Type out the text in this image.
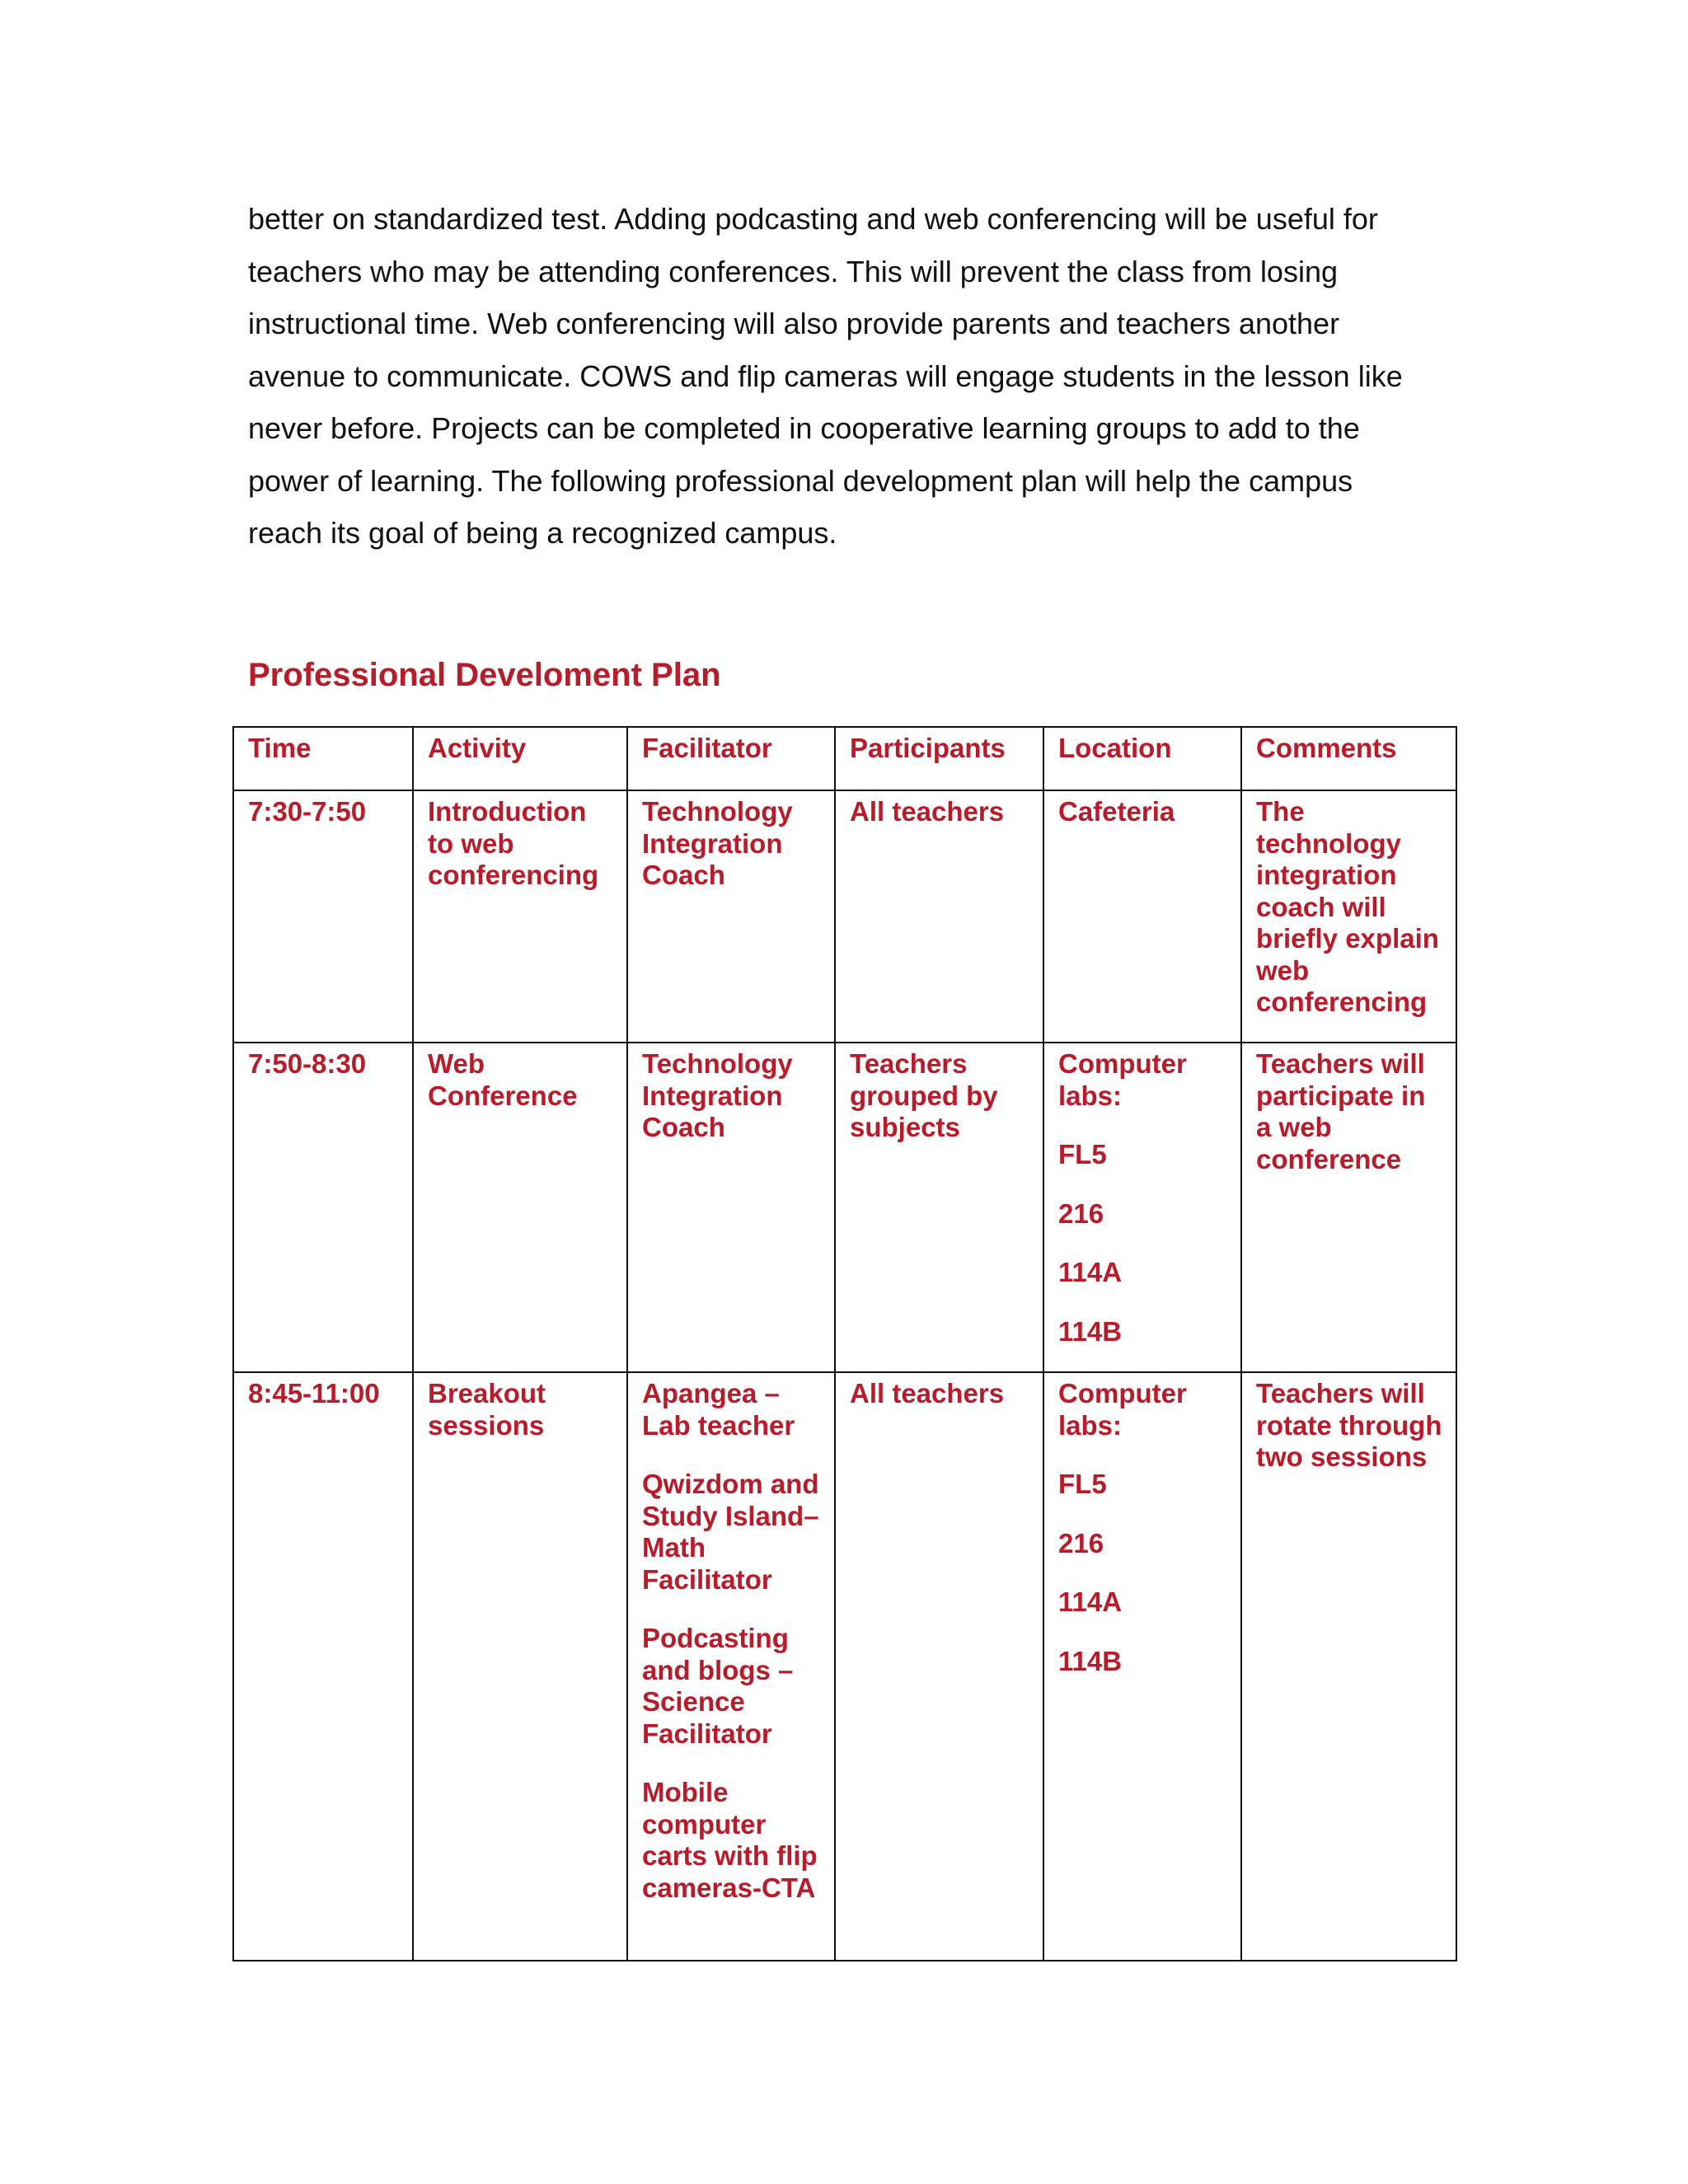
better on standardized test. Adding podcasting and web conferencing will be useful for
teachers who may be attending conferences. This will prevent the class from losing
instructional time. Web conferencing will also provide parents and teachers another
avenue to communicate. COWS and flip cameras will engage students in the lesson like
never before. Projects can be completed in cooperative learning groups to add to the
power of learning. The following professional development plan will help the campus
reach its goal of being a recognized campus.
Professional Develoment Plan
Time	Activity	Facilitator	Participants	Location	Comments
7:30-7:50	Introduction to web conferencing	Technology Integration Coach	All teachers	Cafeteria	The technology integration coach will briefly explain web conferencing
7:50-8:30	Web Conference	Technology Integration Coach	Teachers grouped by subjects	Computer labs:
FL5
216
114A
114B	Teachers will participate in a web conference
8:45-11:00	Breakout sessions	Apangea – Lab teacher
Qwizdom and Study Island– Math Facilitator
Podcasting and blogs – Science Facilitator
Mobile computer carts with flip cameras-CTA	All teachers	Computer labs:
FL5
216
114A
114B	Teachers will rotate through two sessions
